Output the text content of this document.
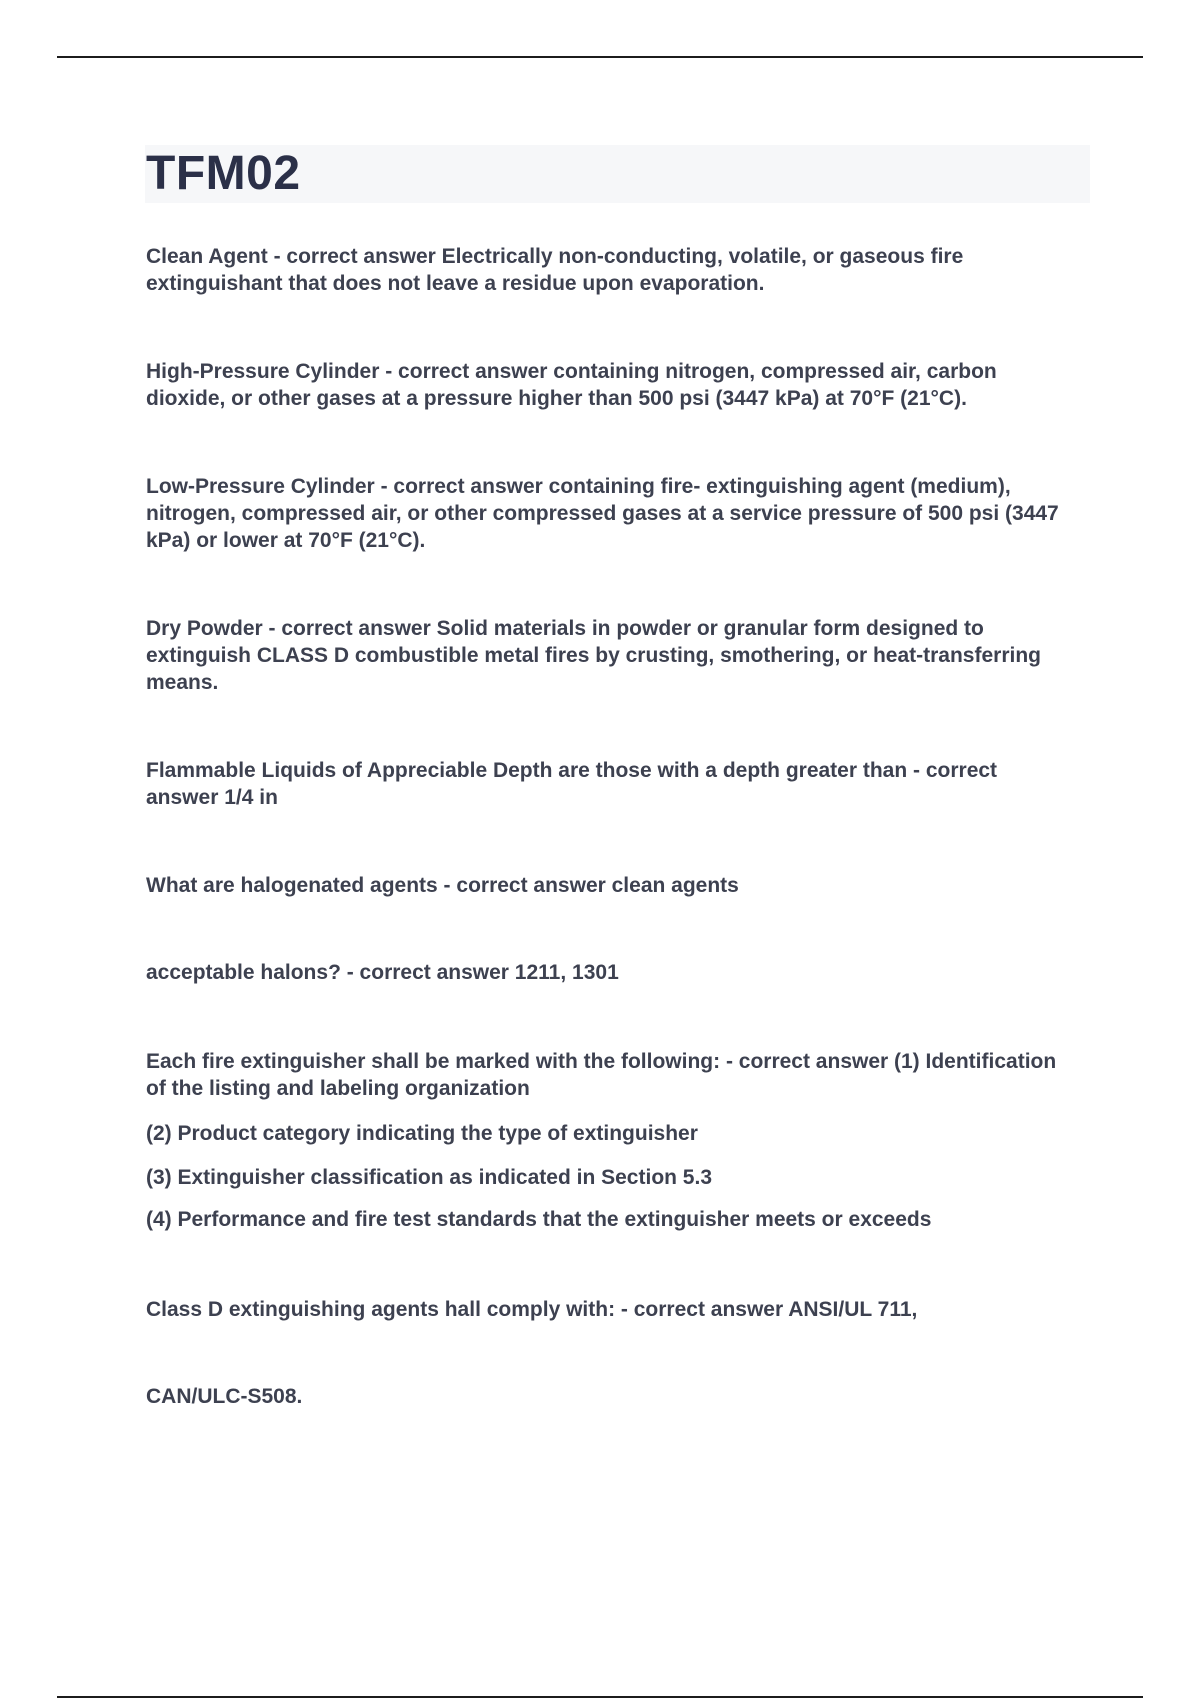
TFM02

Clean Agent - correct answer Electrically non-conducting, volatile, or gaseous fire extinguishant that does not leave a residue upon evaporation.

High-Pressure Cylinder - correct answer containing nitrogen, compressed air, carbon dioxide, or other gases at a pressure higher than 500 psi (3447 kPa) at 70°F (21°C).

Low-Pressure Cylinder - correct answer containing fire- extinguishing agent (medium), nitrogen, compressed air, or other compressed gases at a service pressure of 500 psi (3447 kPa) or lower at 70°F (21°C).

Dry Powder - correct answer Solid materials in powder or granular form designed to extinguish CLASS D combustible metal fires by crusting, smothering, or heat-transferring means.

Flammable Liquids of Appreciable Depth are those with a depth greater than - correct answer 1/4 in

What are halogenated agents - correct answer clean agents

acceptable halons? - correct answer 1211, 1301

Each fire extinguisher shall be marked with the following: - correct answer (1) Identification of the listing and labeling organization

(2) Product category indicating the type of extinguisher

(3) Extinguisher classification as indicated in Section 5.3

(4) Performance and fire test standards that the extinguisher meets or exceeds

Class D extinguishing agents hall comply with: - correct answer ANSI/UL 711,

CAN/ULC-S508.
